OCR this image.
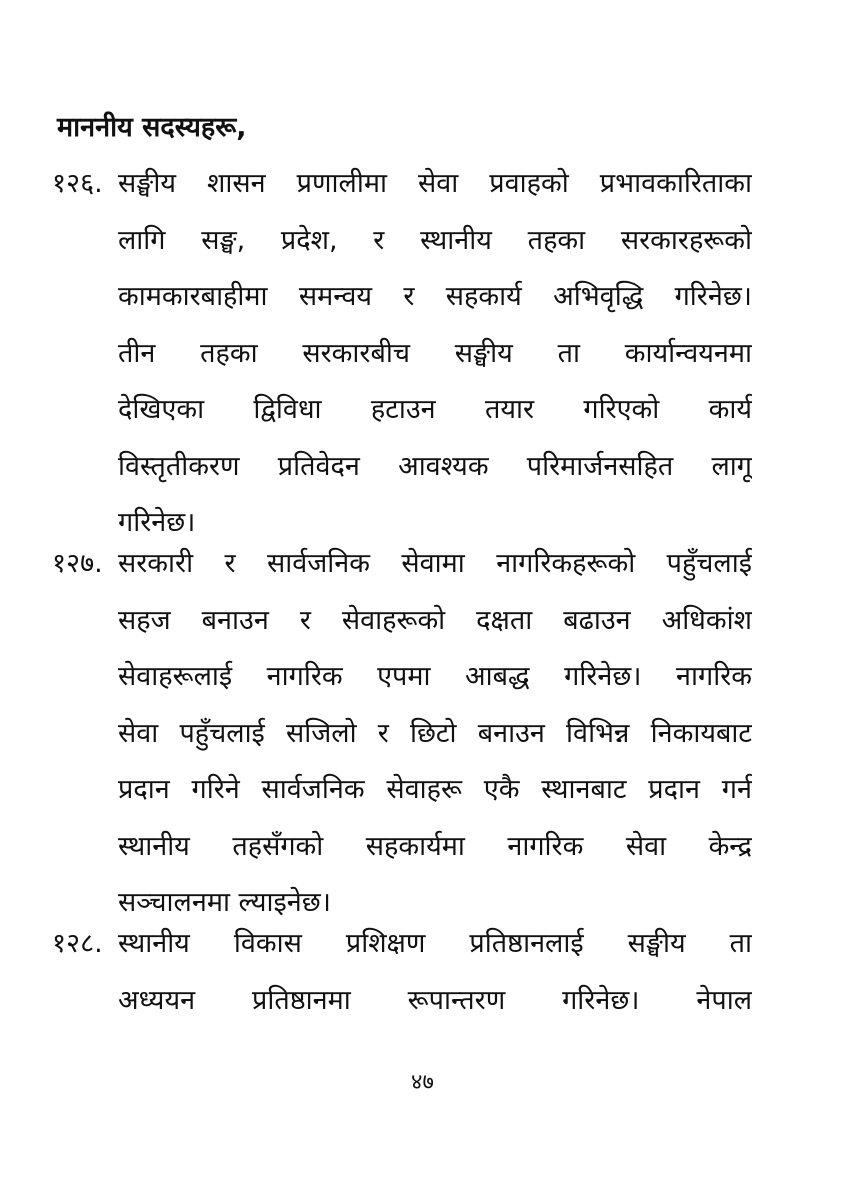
माननीय सदस्यहरू,
१२६. सङ्घीय शासन प्रणालीमा सेवा प्रवाहको प्रभावकारिताका
लागि सङ्घ, प्रदेश, र स्थानीय तहका सरकारहरूको
कामकारबाहीमा समन्वय र सहकार्य अभिवृद्धि गरिनेछ।
तीन तहका सरकारबीच सङ्घीय ता कार्यान्वयनमा
देखिएका द्विविधा हटाउन तयार गरिएको कार्य
विस्तृतीकरण प्रतिवेदन आवश्यक परिमार्जनसहित लागू
गरिनेछ।
१२७. सरकारी र सार्वजनिक सेवामा नागरिकहरूको पहुँचलाई
सहज बनाउन र सेवाहरूको दक्षता बढाउन अधिकांश
सेवाहरूलाई नागरिक एपमा आबद्ध गरिनेछ। नागरिक
सेवा पहुँचलाई सजिलो र छिटो बनाउन विभिन्न निकायबाट
प्रदान गरिने सार्वजनिक सेवाहरू एकै स्थानबाट प्रदान गर्न
स्थानीय तहसँगको सहकार्यमा नागरिक सेवा केन्द्र
सञ्चालनमा ल्याइनेछ।
१२८. स्थानीय विकास प्रशिक्षण प्रतिष्ठानलाई सङ्घीय ता
अध्ययन प्रतिष्ठानमा रूपान्तरण गरिनेछ। नेपाल
४७
